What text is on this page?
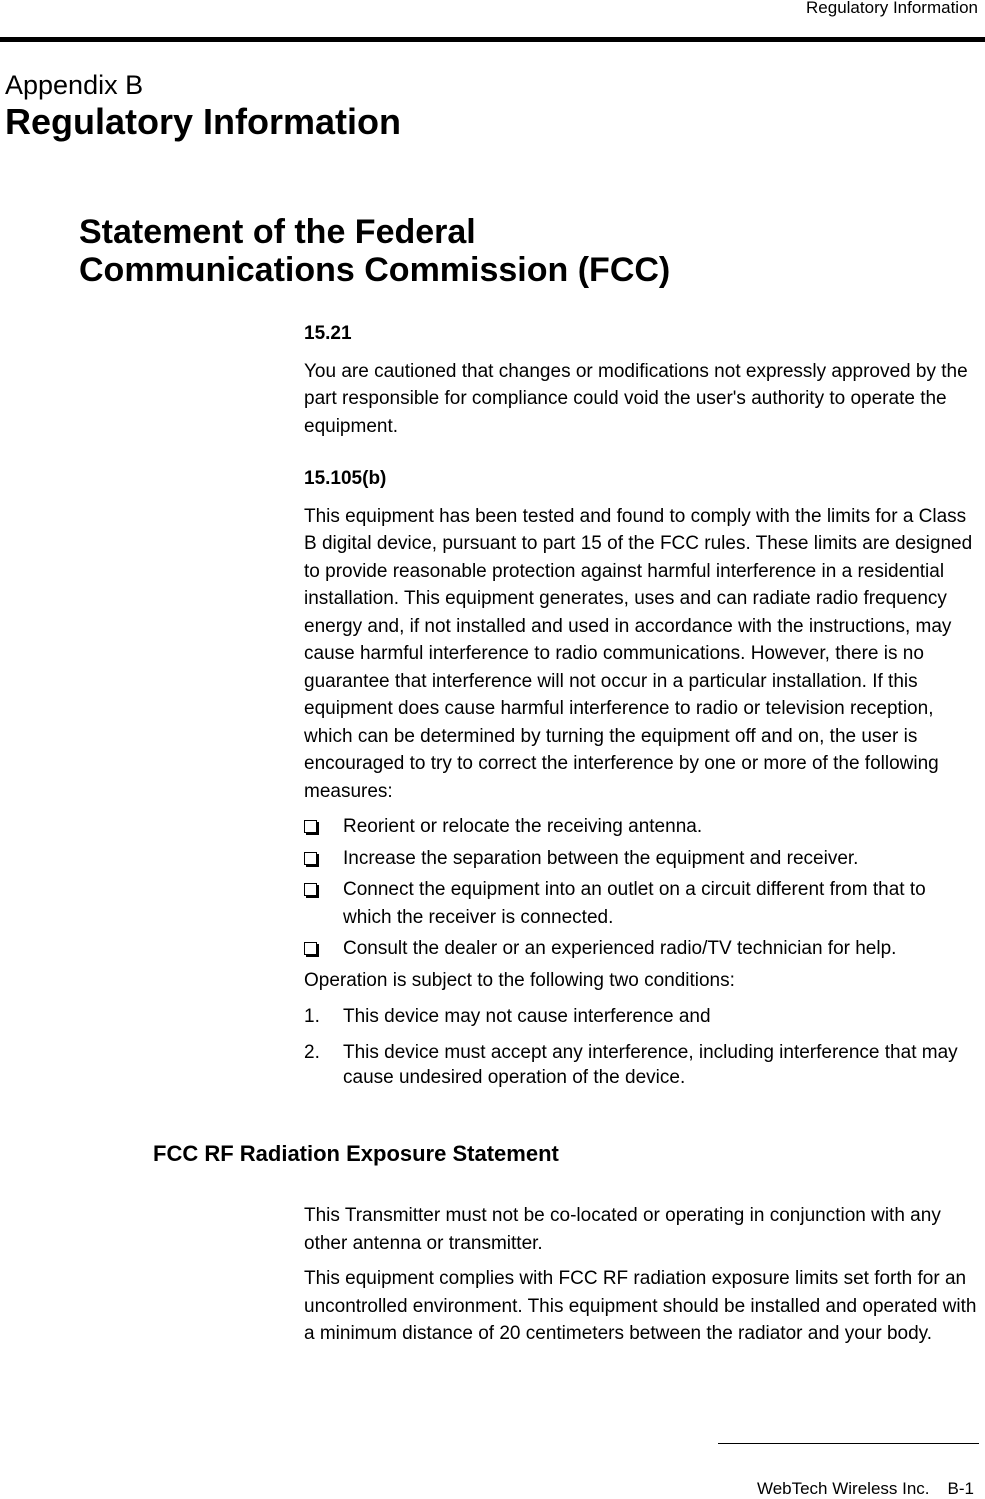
Regulatory Information
Appendix B
Regulatory Information
Statement of the Federal
Communications Commission (FCC)

15.21

You are cautioned that changes or modifications not expressly approved by the part responsible for compliance could void the user's authority to operate the equipment.

15.105(b)

This equipment has been tested and found to comply with the limits for a Class B digital device, pursuant to part 15 of the FCC rules. These limits are designed to provide reasonable protection against harmful interference in a residential installation. This equipment generates, uses and can radiate radio frequency energy and, if not installed and used in accordance with the instructions, may cause harmful interference to radio communications. However, there is no guarantee that interference will not occur in a particular installation. If this equipment does cause harmful interference to radio or television reception, which can be determined by turning the equipment off and on, the user is encouraged to try to correct the interference by one or more of the following measures:

Reorient or relocate the receiving antenna.
Increase the separation between the equipment and receiver.
Connect the equipment into an outlet on a circuit different from that to which the receiver is connected.
Consult the dealer or an experienced radio/TV technician for help.

Operation is subject to the following two conditions:

1. This device may not cause interference and
2. This device must accept any interference, including interference that may cause undesired operation of the device.
FCC RF Radiation Exposure Statement

This Transmitter must not be co-located or operating in conjunction with any other antenna or transmitter.

This equipment complies with FCC RF radiation exposure limits set forth for an uncontrolled environment. This equipment should be installed and operated with a minimum distance of 20 centimeters between the radiator and your body.

WebTech Wireless Inc. B-1
